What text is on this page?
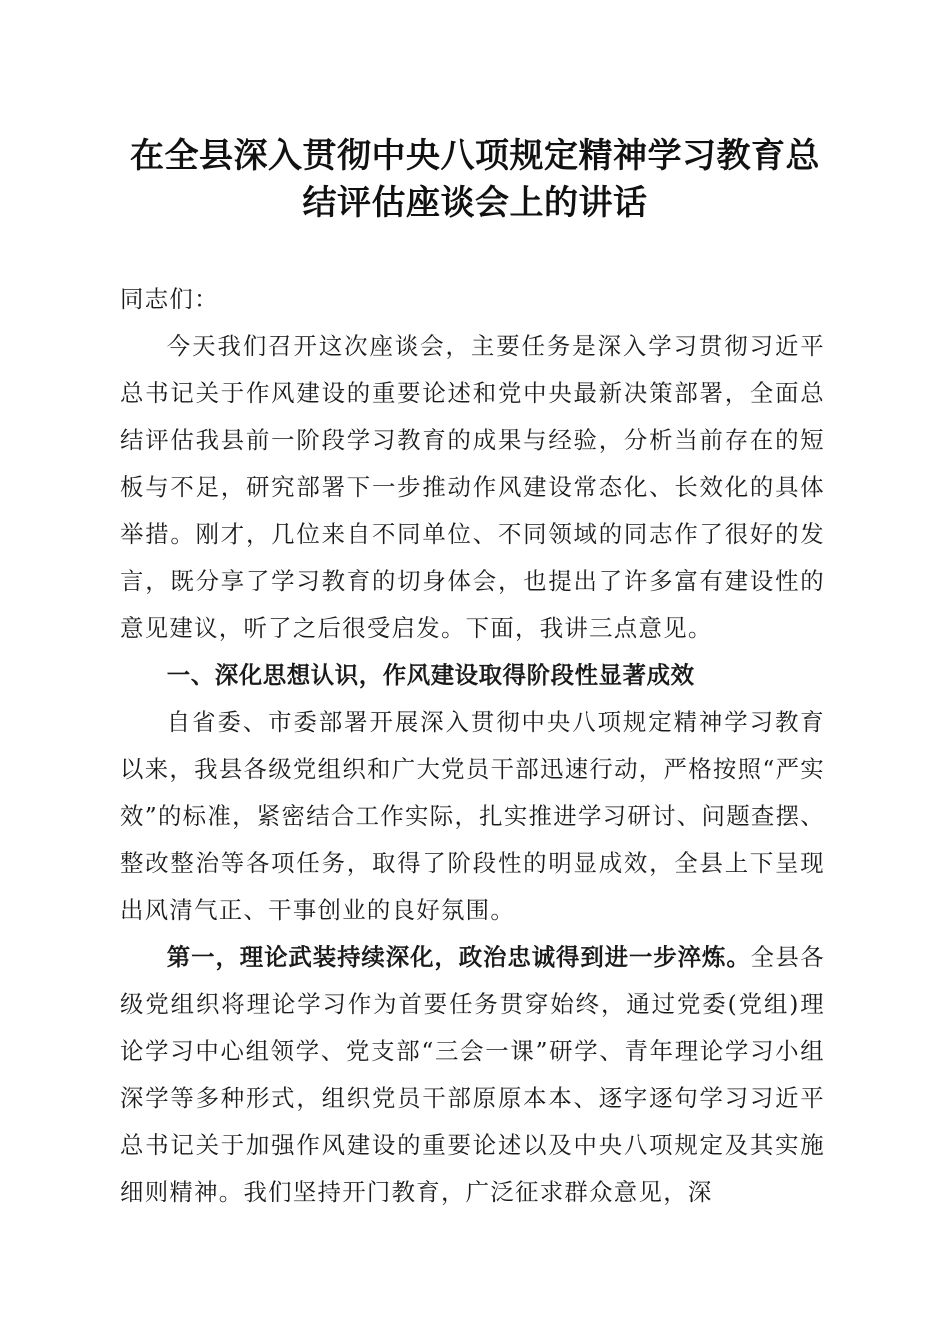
在全县深入贯彻中央八项规定精神学习教育总
结评估座谈会上的讲话

同志们：

今天我们召开这次座谈会，主要任务是深入学习贯彻习近平总书记关于作风建设的重要论述和党中央最新决策部署，全面总结评估我县前一阶段学习教育的成果与经验，分析当前存在的短板与不足，研究部署下一步推动作风建设常态化、长效化的具体举措。刚才，几位来自不同单位、不同领域的同志作了很好的发言，既分享了学习教育的切身体会，也提出了许多富有建设性的意见建议，听了之后很受启发。下面，我讲三点意见。

一、深化思想认识，作风建设取得阶段性显著成效

自省委、市委部署开展深入贯彻中央八项规定精神学习教育以来，我县各级党组织和广大党员干部迅速行动，严格按照“严实效”的标准，紧密结合工作实际，扎实推进学习研讨、问题查摆、整改整治等各项任务，取得了阶段性的明显成效，全县上下呈现出风清气正、干事创业的良好氛围。

第一，理论武装持续深化，政治忠诚得到进一步淬炼。全县各级党组织将理论学习作为首要任务贯穿始终，通过党委(党组)理论学习中心组领学、党支部“三会一课”研学、青年理论学习小组深学等多种形式，组织党员干部原原本本、逐字逐句学习习近平总书记关于加强作风建设的重要论述以及中央八项规定及其实施细则精神。我们坚持开门教育，广泛征求群众意见，深
